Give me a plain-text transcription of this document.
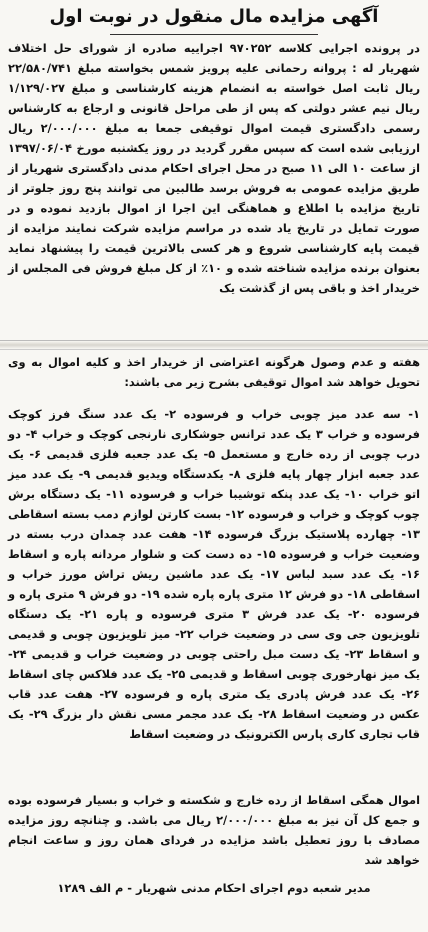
آگهی مزایده مال منقول در نوبت اول

در پرونده اجرایی کلاسه ۹۷۰۲۵۲ اجراییه صادره از شورای حل اختلاف شهریار له : پروانه رحمانی علیه پرویز شمس بخواسته مبلغ ۲۲/۵۸۰/۷۴۱ ریال ثابت اصل خواسته به انضمام هزینه کارشناسی و مبلغ ۱/۱۲۹/۰۲۷ ریال نیم عشر دولتی که پس از طی مراحل قانونی و ارجاع به کارشناس رسمی دادگستری قیمت اموال توقیفی جمعا به مبلغ ۲/۰۰۰/۰۰۰ ریال ارزیابی شده است که سپس مقرر گردید در روز یکشنبه مورخ ۱۳۹۷/۰۶/۰۴ از ساعت ۱۰ الی ۱۱ صبح در محل اجرای احکام مدنی دادگستری شهریار از طریق مزایده عمومی به فروش برسد طالبین می توانند پنج روز جلوتر از تاریخ مزایده با اطلاع و هماهنگی این اجرا از اموال بازدید نموده و در صورت تمایل در تاریخ یاد شده در مراسم مزایده شرکت نمایند مزایده از قیمت پایه کارشناسی شروع و هر کسی بالاترین قیمت را پیشنهاد نماید بعنوان برنده مزایده شناخته شده و ۱۰٪ از کل مبلغ فروش فی المجلس از خریدار اخذ و باقی پس از گذشت یک

هفته و عدم وصول هرگونه اعتراضی از خریدار اخذ و کلیه اموال به وی تحویل خواهد شد اموال توقیفی بشرح زیر می باشند:

۱- سه عدد میز چوبی خراب و فرسوده ۲- یک عدد سنگ فرز کوچک فرسوده و خراب ۳ یک عدد ترانس جوشکاری نارنجی کوچک و خراب ۴- دو درب چوبی از رده خارج و مستعمل ۵- یک عدد جعبه فلزی قدیمی ۶- یک عدد جعبه ابزار چهار پایه فلزی ۸- یکدستگاه ویدیو قدیمی ۹- یک عدد میز اتو خراب ۱۰- یک عدد پنکه توشیبا خراب و فرسوده ۱۱- یک دستگاه برش چوب کوچک و خراب و فرسوده ۱۲- بست کارتن لوازم دمب بسته اسقاطی ۱۳- چهارده پلاستیک بزرگ فرسوده ۱۴- هفت عدد چمدان درب بسته در وضعیت خراب و فرسوده ۱۵- ده دست کت و شلوار مردانه پاره و اسقاط ۱۶- یک عدد سبد لباس ۱۷- یک عدد ماشین ریش تراش مورز خراب و اسقاطی ۱۸- دو فرش ۱۲ متری پاره پاره شده ۱۹- دو فرش ۹ متری پاره و فرسوده ۲۰- یک عدد فرش ۳ متری فرسوده و پاره ۲۱- یک دستگاه تلویزیون جی وی سی در وضعیت خراب ۲۲- میز تلویزیون چوبی و قدیمی و اسقاط ۲۳- یک دست مبل راحتی چوبی در وضعیت خراب و قدیمی ۲۴- یک میز نهارخوری چوبی اسقاط و قدیمی ۲۵- یک عدد فلاکس چای اسقاط ۲۶- یک عدد فرش پادری یک متری پاره و فرسوده ۲۷- هفت عدد قاب عکس در وضعیت اسقاط ۲۸- یک عدد مجمر مسی نقش دار بزرگ ۲۹- یک قاب تجاری کاری پارس الکترونیک در وضعیت اسقاط

اموال همگی اسقاط از رده خارج و شکسته و خراب و بسیار فرسوده بوده و جمع کل آن نیز به مبلغ ۲/۰۰۰/۰۰۰ ریال می باشد. و چنانچه روز مزایده مصادف با روز تعطیل باشد مزایده در فردای همان روز و ساعت انجام خواهد شد

مدیر شعبه دوم اجرای احکام مدنی شهریار - م الف ۱۲۸۹
